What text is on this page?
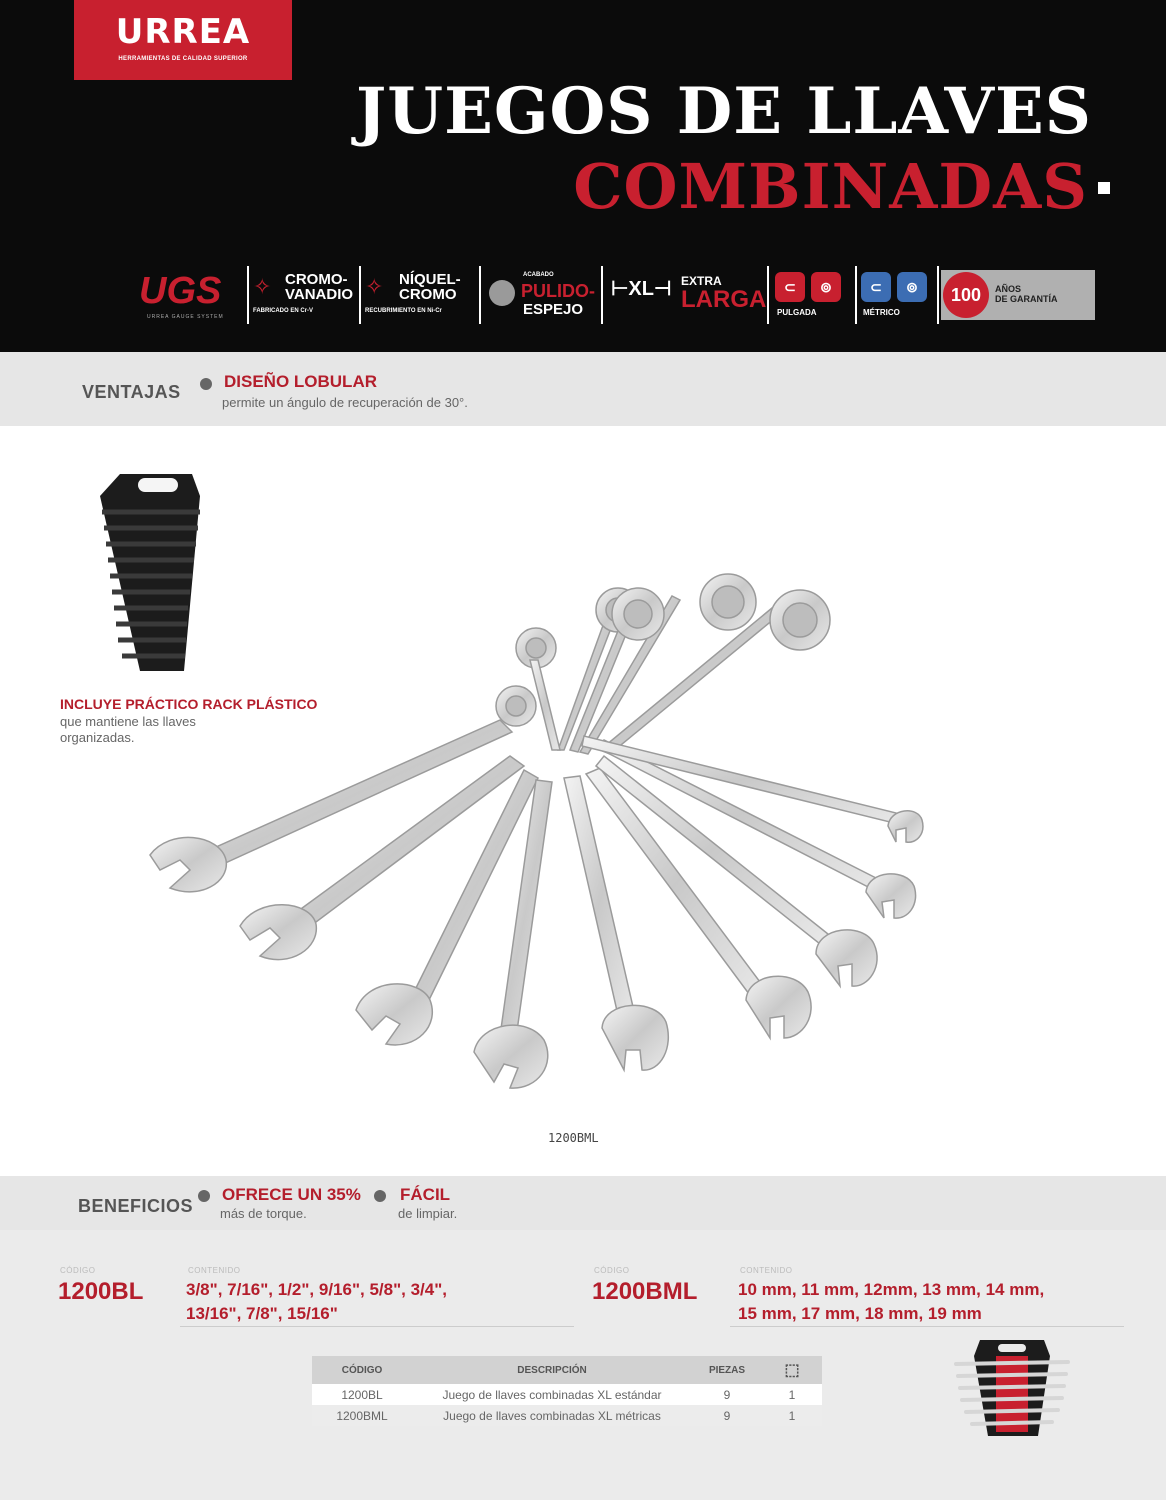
URREA
HERRAMIENTAS DE CALIDAD SUPERIOR
JUEGOS DE LLAVES
COMBINADAS
UGS
URREA GAUGE SYSTEM
✧ CROMO-
VANADIO
FABRICADO EN Cr-V
✧ NÍQUEL-
CROMO
RECUBRIMIENTO EN Ni-Cr
ACABADO
PULIDO-
ESPEJO
⊢XL⊣ EXTRA
LARGA	⊂	⊚
PULGADA
⊂	⊚
MÉTRICO
100	AÑOS
DE GARANTÍA
VENTAJAS
DISEÑO LOBULAR
permite un ángulo de recuperación de 30°.
INCLUYE PRÁCTICO RACK PLÁSTICO
que mantiene las llaves
organizadas.
1200BML
BENEFICIOS
OFRECE UN 35%
más de torque.
FÁCIL
de limpiar.
CÓDIGO
1200BL
CONTENIDO
3/8", 7/16", 1/2", 9/16", 5/8", 3/4",
13/16", 7/8", 15/16"
CÓDIGO
1200BML
CONTENIDO
10 mm, 11 mm, 12mm, 13 mm, 14 mm,
15 mm, 17 mm, 18 mm, 19 mm
CÓDIGO	DESCRIPCIÓN	PIEZAS	⬚
1200BL	Juego de llaves combinadas XL estándar	9	1
1200BML	Juego de llaves combinadas XL métricas	9	1
